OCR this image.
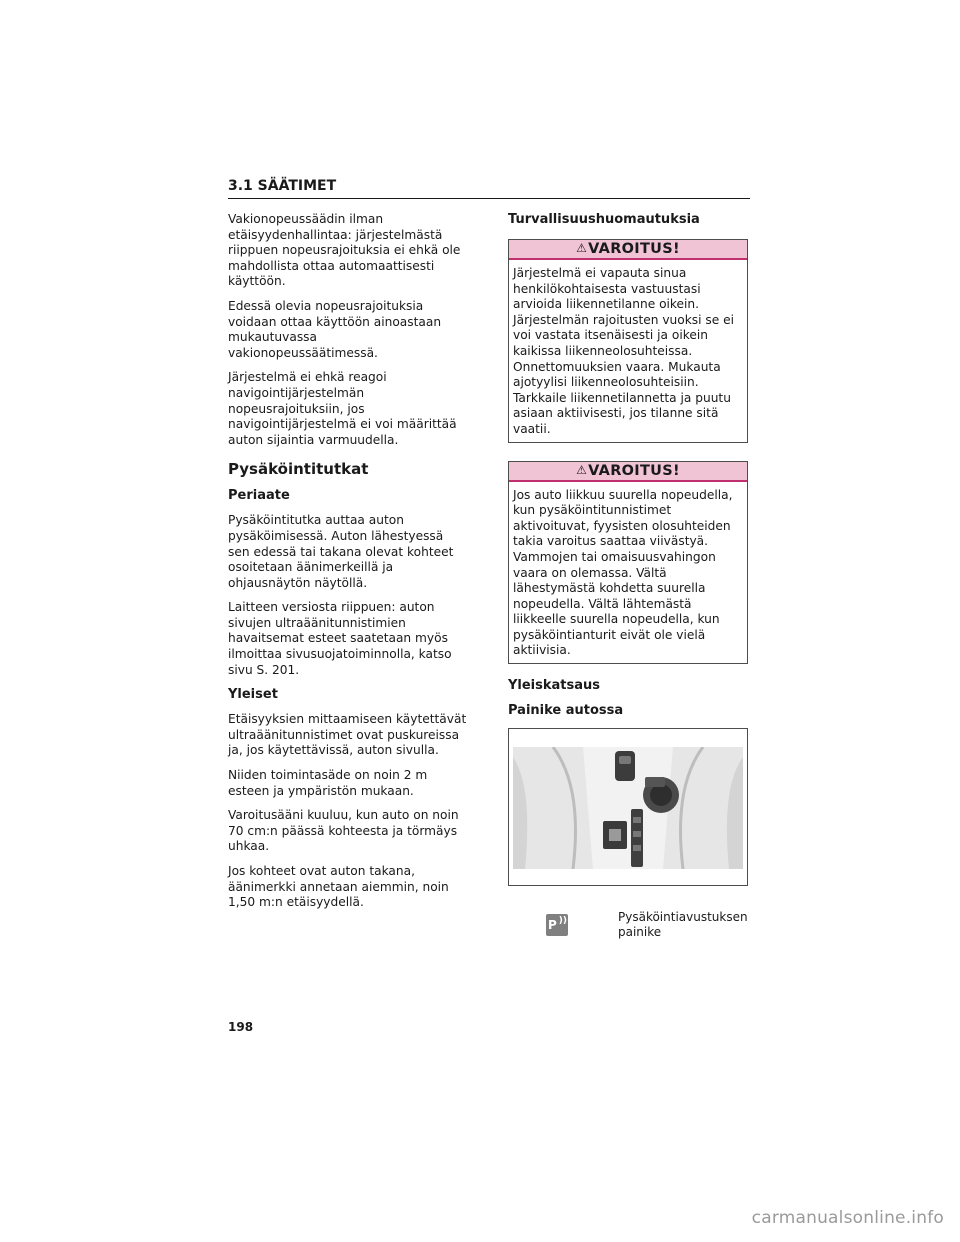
3.1 SÄÄTIMET

Vakionopeussäädin ilman etäisyydenhallintaa: järjestelmästä riippuen nopeusrajoituksia ei ehkä ole mahdollista ottaa automaattisesti käyttöön.

Edessä olevia nopeusrajoituksia voidaan ottaa käyttöön ainoastaan mukautuvassa vakionopeussäätimessä.

Järjestelmä ei ehkä reagoi navigointijärjestelmän nopeusrajoituksiin, jos navigointijärjestelmä ei voi määrittää auton sijaintia varmuudella.

Pysäköintitutkat
Periaate

Pysäköintitutka auttaa auton pysäköimisessä. Auton lähestyessä sen edessä tai takana olevat kohteet osoitetaan äänimerkeillä ja ohjausnäytön näytöllä.

Laitteen versiosta riippuen: auton sivujen ultraäänitunnistimien havaitsemat esteet saatetaan myös ilmoittaa sivusuojatoiminnolla, katso sivu S. 201.

Yleiset

Etäisyyksien mittaamiseen käytettävät ultraäänitunnistimet ovat puskureissa ja, jos käytettävissä, auton sivulla.

Niiden toimintasäde on noin 2 m esteen ja ympäristön mukaan.

Varoitusääni kuuluu, kun auto on noin 70 cm:n päässä kohteesta ja törmäys uhkaa.

Jos kohteet ovat auton takana, äänimerkki annetaan aiemmin, noin 1,50 m:n etäisyydellä.

Turvallisuushuomautuksia
⚠VAROITUS!

Järjestelmä ei vapauta sinua henkilökohtaisesta vastuustasi arvioida liikennetilanne oikein. Järjestelmän rajoitusten vuoksi se ei voi vastata itsenäisesti ja oikein kaikissa liikenneolosuhteissa. Onnettomuuksien vaara. Mukauta ajotyylisi liikenneolosuhteisiin. Tarkkaile liikennetilannetta ja puutu asiaan aktiivisesti, jos tilanne sitä vaatii.

⚠VAROITUS!

Jos auto liikkuu suurella nopeudella, kun pysäköintitunnistimet aktivoituvat, fyysisten olosuhteiden takia varoitus saattaa viivästyä. Vammojen tai omaisuusvahingon vaara on olemassa. Vältä lähestymästä kohdetta suurella nopeudella. Vältä lähtemästä liikkeelle suurella nopeudella, kun pysäköintianturit eivät ole vielä aktiivisia.

Yleiskatsaus
Painike autossa
P ))	Pysäköintiavustuksen painike
198
carmanualsonline.info
